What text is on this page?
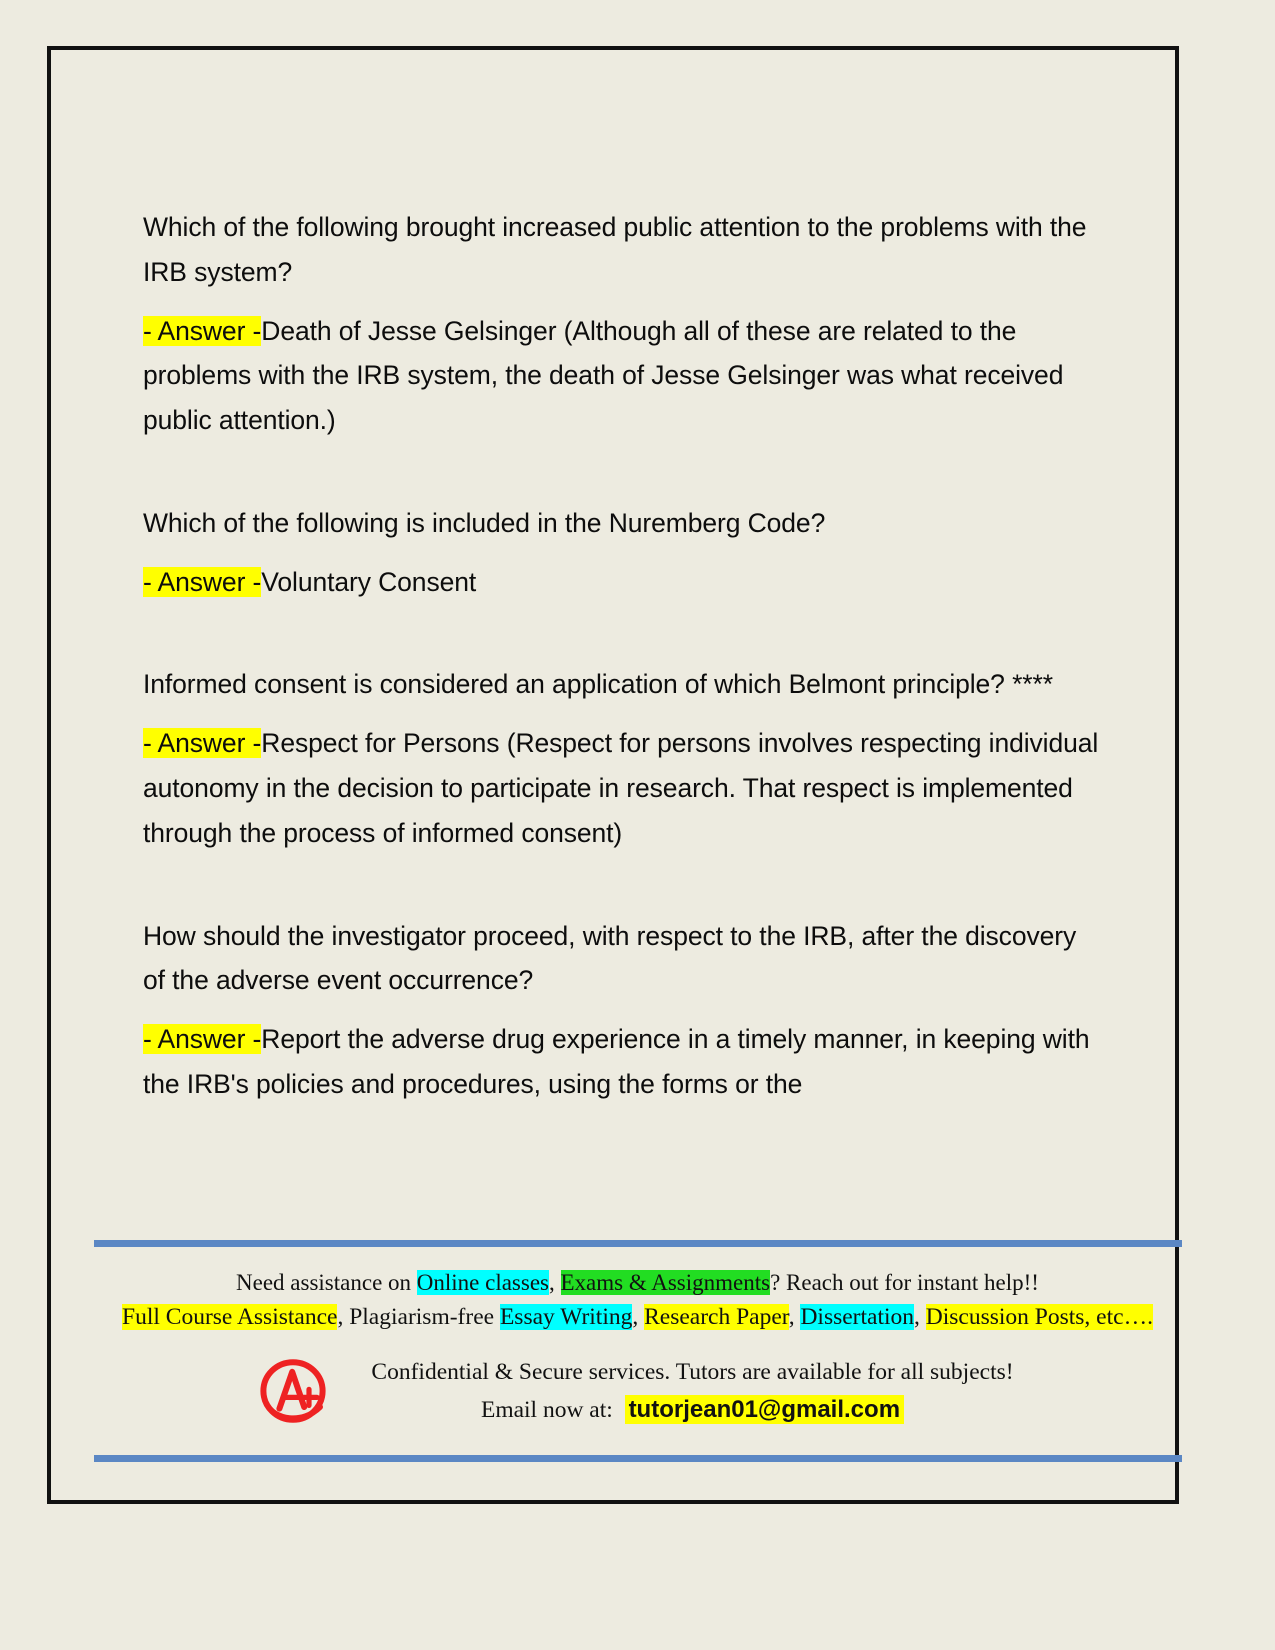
Which of the following brought increased public attention to the problems with the IRB system?

- Answer -Death of Jesse Gelsinger (Although all of these are related to the problems with the IRB system, the death of Jesse Gelsinger was what received public attention.)

Which of the following is included in the Nuremberg Code?

- Answer -Voluntary Consent

Informed consent is considered an application of which Belmont principle? ****

- Answer -Respect for Persons (Respect for persons involves respecting individual autonomy in the decision to participate in research. That respect is implemented through the process of informed consent)

How should the investigator proceed, with respect to the IRB, after the discovery of the adverse event occurrence?

- Answer -Report the adverse drug experience in a timely manner, in keeping with the IRB's policies and procedures, using the forms or the

Need assistance on Online classes, Exams & Assignments? Reach out for instant help!!
Full Course Assistance, Plagiarism-free Essay Writing, Research Paper, Dissertation, Discussion Posts, etc….
Confidential & Secure services. Tutors are available for all subjects!
Email now at: tutorjean01@gmail.com
